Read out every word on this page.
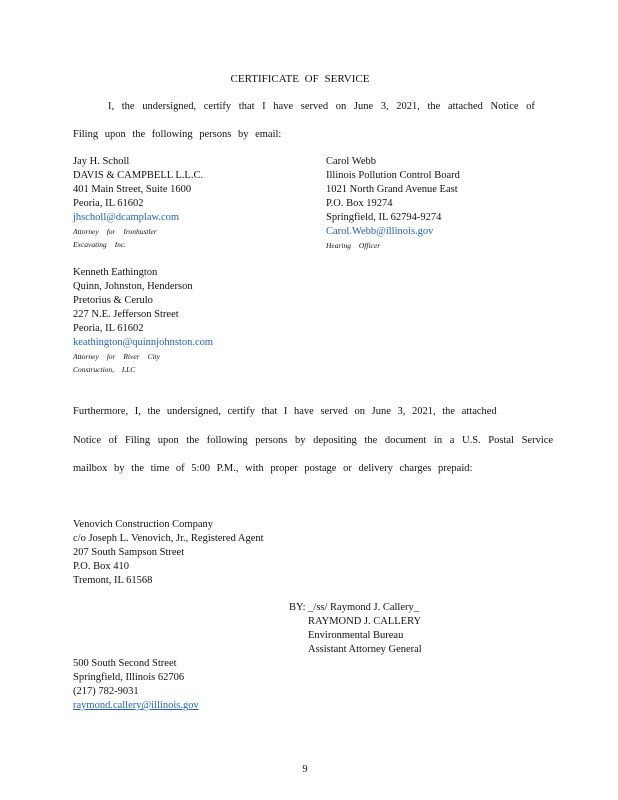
CERTIFICATE OF SERVICE
I, the undersigned, certify that I have served on June 3, 2021, the attached Notice of
Filing upon the following persons by email:
Jay H. Scholl
DAVIS & CAMPBELL L.L.C.
401 Main Street, Suite 1600
Peoria, IL 61602
jhscholl@dcamplaw.com
Attorney for Ironhustler
Excavating Inc.
Carol Webb
Illinois Pollution Control Board
1021 North Grand Avenue East
P.O. Box 19274
Springfield, IL 62794-9274
Carol.Webb@illinois.gov
Hearing Officer
Kenneth Eathington
Quinn, Johnston, Henderson
Pretorius & Cerulo
227 N.E. Jefferson Street
Peoria, IL 61602
keathington@quinnjohnston.com
Attorney for River City
Construction, LLC
Furthermore, I, the undersigned, certify that I have served on June 3, 2021, the attached
Notice of Filing upon the following persons by depositing the document in a U.S. Postal Service
mailbox by the time of 5:00 P.M., with proper postage or delivery charges prepaid:
Venovich Construction Company
c/o Joseph L. Venovich, Jr., Registered Agent
207 South Sampson Street
P.O. Box 410
Tremont, IL 61568
BY: _/ss/ Raymond J. Callery_
RAYMOND J. CALLERY
Environmental Bureau
Assistant Attorney General
500 South Second Street
Springfield, Illinois 62706
(217) 782-9031
raymond.callery@illinois.gov
9
